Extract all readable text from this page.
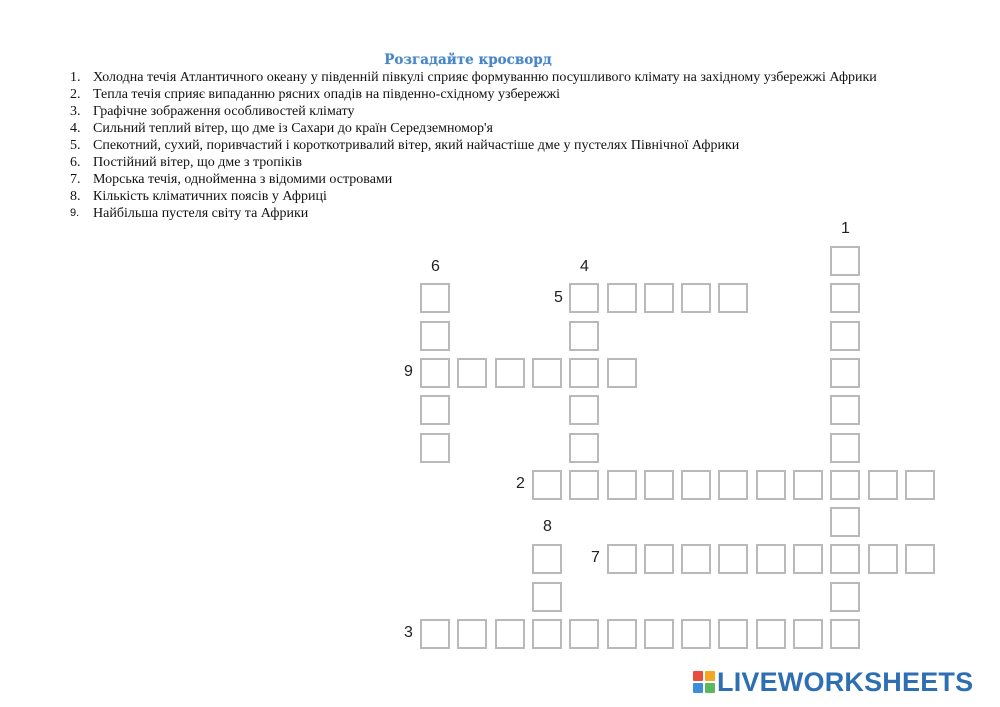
Розгадайте кросворд
1. Холодна течія Атлантичного океану у південній півкулі сприяє формуванню посушливого клімату на західному узбережжі Африки
2. Тепла течія сприяє випаданню рясних опадів на південно-східному узбережжі
3. Графічне зображення особливостей клімату
4. Сильний теплий вітер, що дме із Сахари до країн Середземномор'я
5. Спекотний, сухий, поривчастий і короткотривалий вітер, який найчастіше дме у пустелях Північної Африки
6. Постійний вітер, що дме з тропіків
7. Морська течія, однойменна з відомими островами
8. Кількість кліматичних поясів у Африці
9. Найбільша пустеля світу та Африки
1
2
3
4
5
6
7
8
9
LIVEWORKSHEETS
